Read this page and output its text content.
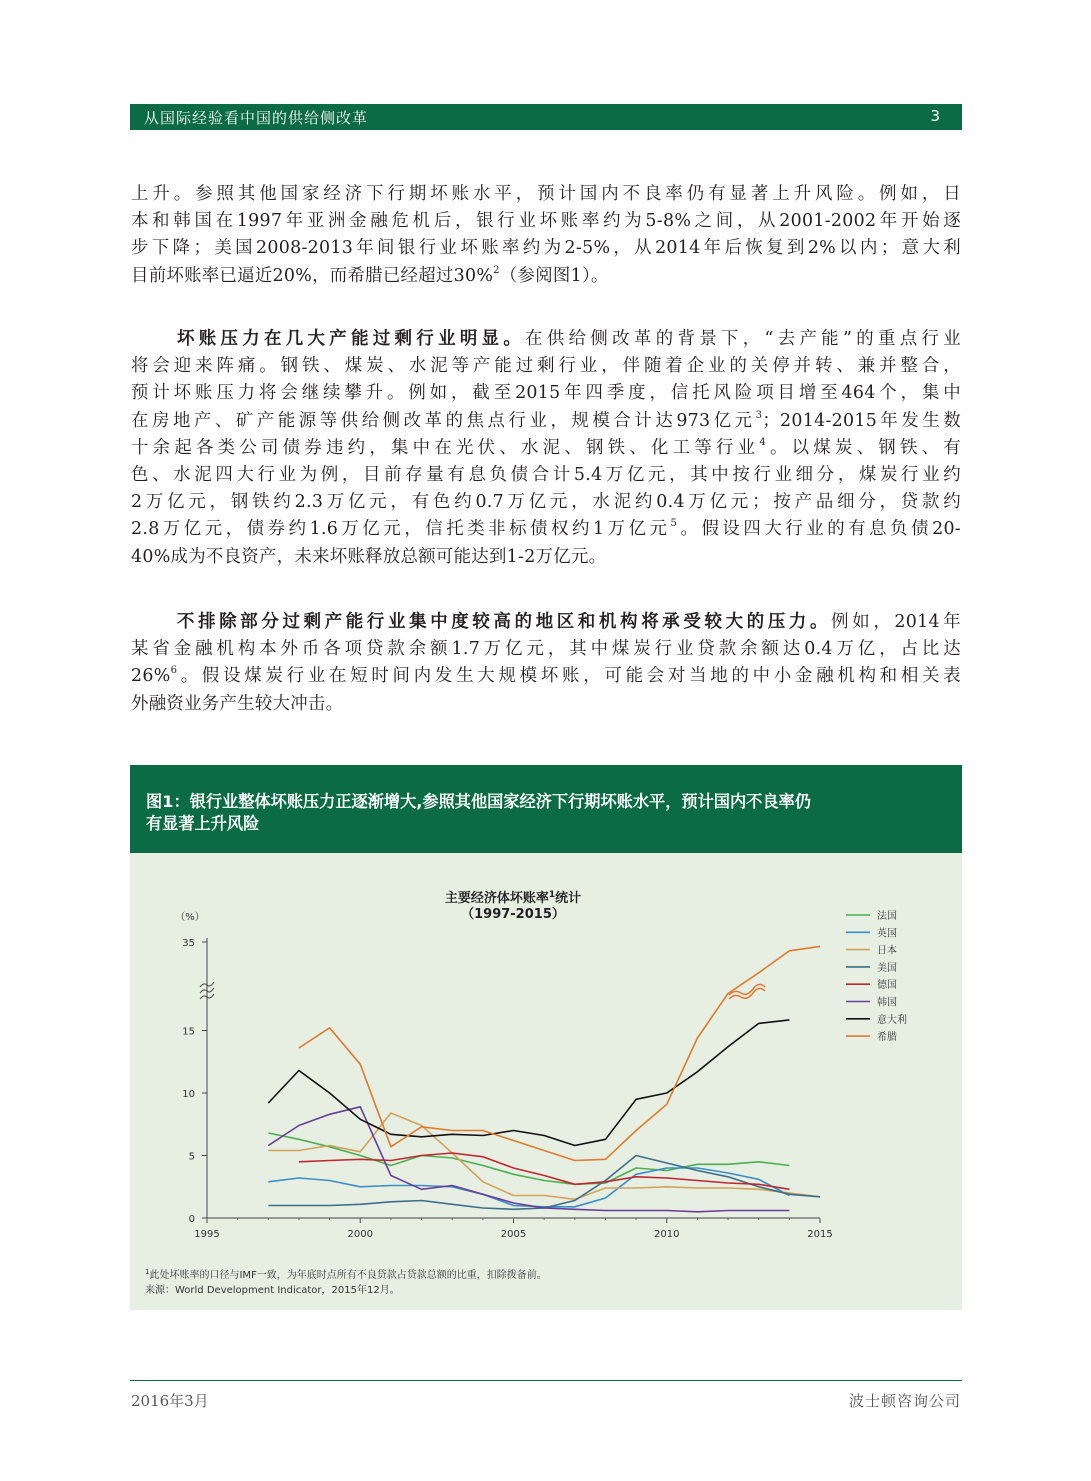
从国际经验看中国的供给侧改革	3
上升。参照其他国家经济下行期坏账水平，预计国内不良率仍有显著上升风险。例如，日
本和韩国在1997年亚洲金融危机后，银行业坏账率约为5-8%之间，从2001-2002年开始逐
步下降；美国2008-2013年间银行业坏账率约为2-5%，从2014年后恢复到2%以内；意大利
目前坏账率已逼近20%，而希腊已经超过30%$^2$（参阅图1）。
坏账压力在几大产能过剩行业明显。在供给侧改革的背景下，“去产能”的重点行业
将会迎来阵痛。钢铁、煤炭、水泥等产能过剩行业，伴随着企业的关停并转、兼并整合，
预计坏账压力将会继续攀升。例如，截至2015年四季度，信托风险项目增至464个，集中
在房地产、矿产能源等供给侧改革的焦点行业，规模合计达973亿元$^3$；2014-2015年发生数
十余起各类公司债券违约，集中在光伏、水泥、钢铁、化工等行业$^4$。以煤炭、钢铁、有
色、水泥四大行业为例，目前存量有息负债合计5.4万亿元，其中按行业细分，煤炭行业约
2万亿元，钢铁约2.3万亿元，有色约0.7万亿元，水泥约0.4万亿元；按产品细分，贷款约
2.8万亿元，债券约1.6万亿元，信托类非标债权约1万亿元$^5$。假设四大行业的有息负债20-
40%成为不良资产，未来坏账释放总额可能达到1-2万亿元。
不排除部分过剩产能行业集中度较高的地区和机构将承受较大的压力。例如，2014年
某省金融机构本外币各项贷款余额1.7万亿元，其中煤炭行业贷款余额达0.4万亿，占比达
26%$^6$。假设煤炭行业在短时间内发生大规模坏账，可能会对当地的中小金融机构和相关表
外融资业务产生较大冲击。
图1：银行业整体坏账压力正逐渐增大,参照其他国家经济下行期坏账水平，预计国内不良率仍
有显著上升风险
主要经济体坏账率$^1$统计
（1997-2015）
（%）
0
5
10
15
35
1995	2000	2005	2010	2015
法国
英国
日本
美国
德国
韩国
意大利
希腊
$^1$此处坏账率的口径与IMF一致，为年底时点所有不良贷款占贷款总额的比重，扣除拨备前。
来源：World Development Indicator，2015年12月。
2016年3月	波士顿咨询公司
